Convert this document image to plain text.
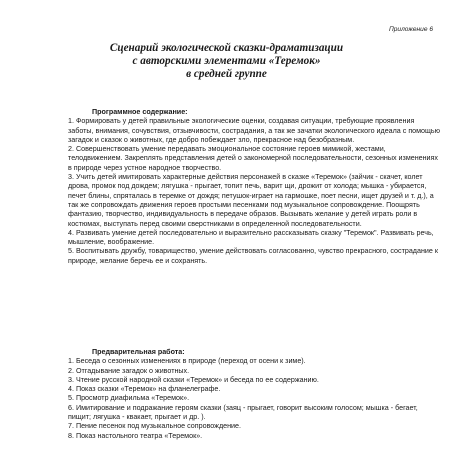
Приложение 6
Сценарий экологической сказки-драматизации
с авторскими элементами «Теремок»
в средней группе

Программное содержание:

1. Формировать у детей правильные экологические оценки, создавая ситуации, требующие проявления заботы, внимания, сочувствия, отзывчивости, сострадания, а так же зачатки экологического идеала с помощью загадок и сказок о животных, где добро побеждает зло, прекрасное над безобразным.

2. Совершенствовать умение передавать эмоциональное состояние героев мимикой, жестами, телодвижением. Закреплять представления детей о закономерной последовательности, сезонных изменениях в природе через устное народное творчество.

3. Учить детей имитировать характерные действия персонажей в сказке «Теремок» (зайчик - скачет, колет дрова, промок под дождем; лягушка - прыгает, топит печь, варит щи, дрожит от холода; мышка - убирается, печет блины, спряталась в теремке от дождя; петушок-играет на гармошке, поет песни, ищет друзей и т. д.), а так же сопровождать движения героев простыми песенками под музыкальное сопровождение. Поощрять фантазию, творчество, индивидуальность в передаче образов. Вызывать желание у детей играть роли в костюмах, выступать перед своими сверстниками в определенной последовательности.

4. Развивать умение детей последовательно и выразительно рассказывать сказку "Теремок". Развивать речь, мышление, воображение.

5. Воспитывать дружбу, товарищество, умение действовать согласованно, чувство прекрасного, сострадание к природе, желание беречь ее и сохранять.

Предварительная работа:

1. Беседа о сезонных изменениях в природе (переход от осени к зиме).

2. Отгадывание загадок о животных.

3. Чтение русской народной сказки «Теремок» и беседа по ее содержанию.

4. Показ сказки «Теремок» на фланелеграфе.

5. Просмотр диафильма «Теремок».

6. Имитирование и подражание героям сказки (заяц - прыгает, говорит высоким голосом; мышка - бегает, пищит; лягушка - квакает, прыгает и др. ).

7. Пение песенок под музыкальное сопровождение.

8. Показ настольного театра «Теремок».
